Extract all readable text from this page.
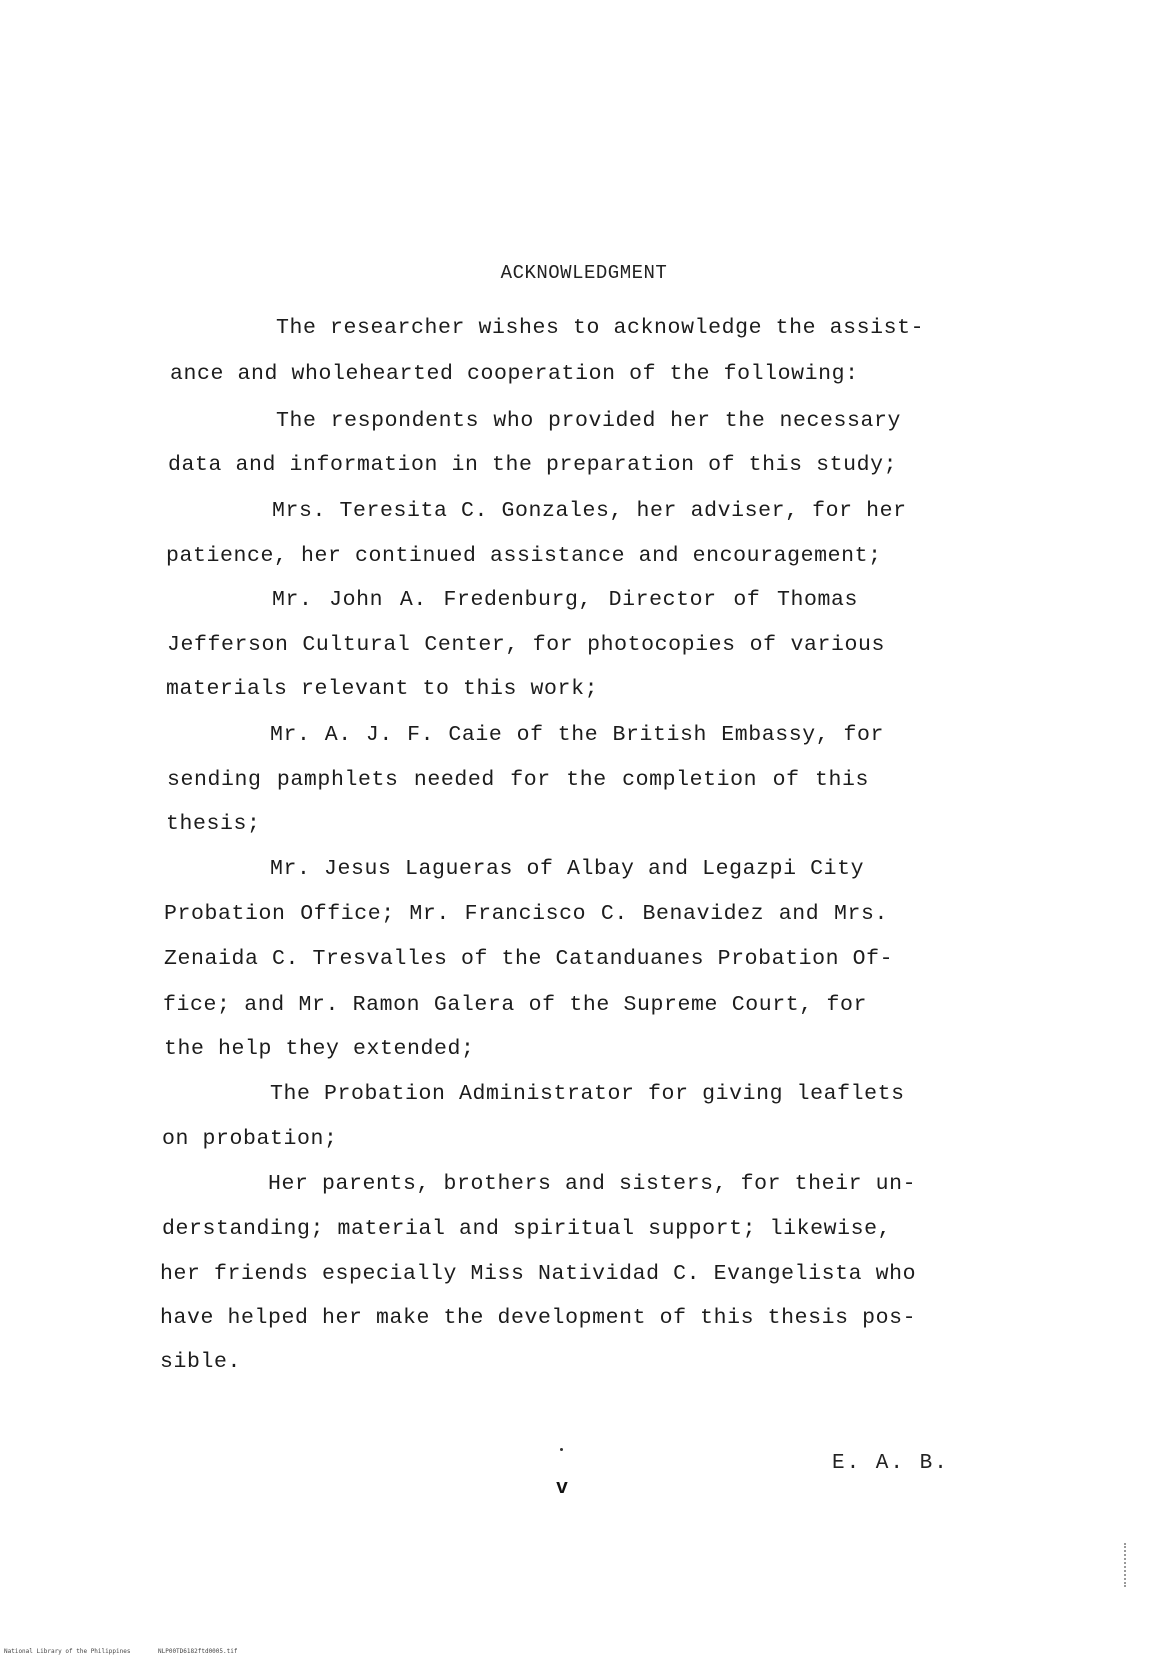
ACKNOWLEDGMENT
The researcher wishes to acknowledge the assist-
ance and wholehearted cooperation of the following:
The respondents who provided her the necessary
data and information in the preparation of this study;
Mrs. Teresita C. Gonzales, her adviser, for her
patience, her continued assistance and encouragement;
Mr. John A. Fredenburg, Director of Thomas
Jefferson Cultural Center, for photocopies of various
materials relevant to this work;
Mr. A. J. F. Caie of the British Embassy, for
sending pamphlets needed for the completion of this
thesis;
Mr. Jesus Lagueras of Albay and Legazpi City
Probation Office; Mr. Francisco C. Benavidez and Mrs.
Zenaida C. Tresvalles of the Catanduanes Probation Of-
fice; and Mr. Ramon Galera of the Supreme Court, for
the help they extended;
The Probation Administrator for giving leaflets
on probation;
Her parents, brothers and sisters, for their un-
derstanding; material and spiritual support; likewise,
her friends especially Miss Natividad C. Evangelista who
have helped her make the development of this thesis pos-
sible.
E. A. B.
v
National Library of the Philippines	NLP00TD6182ftd0005.tif
